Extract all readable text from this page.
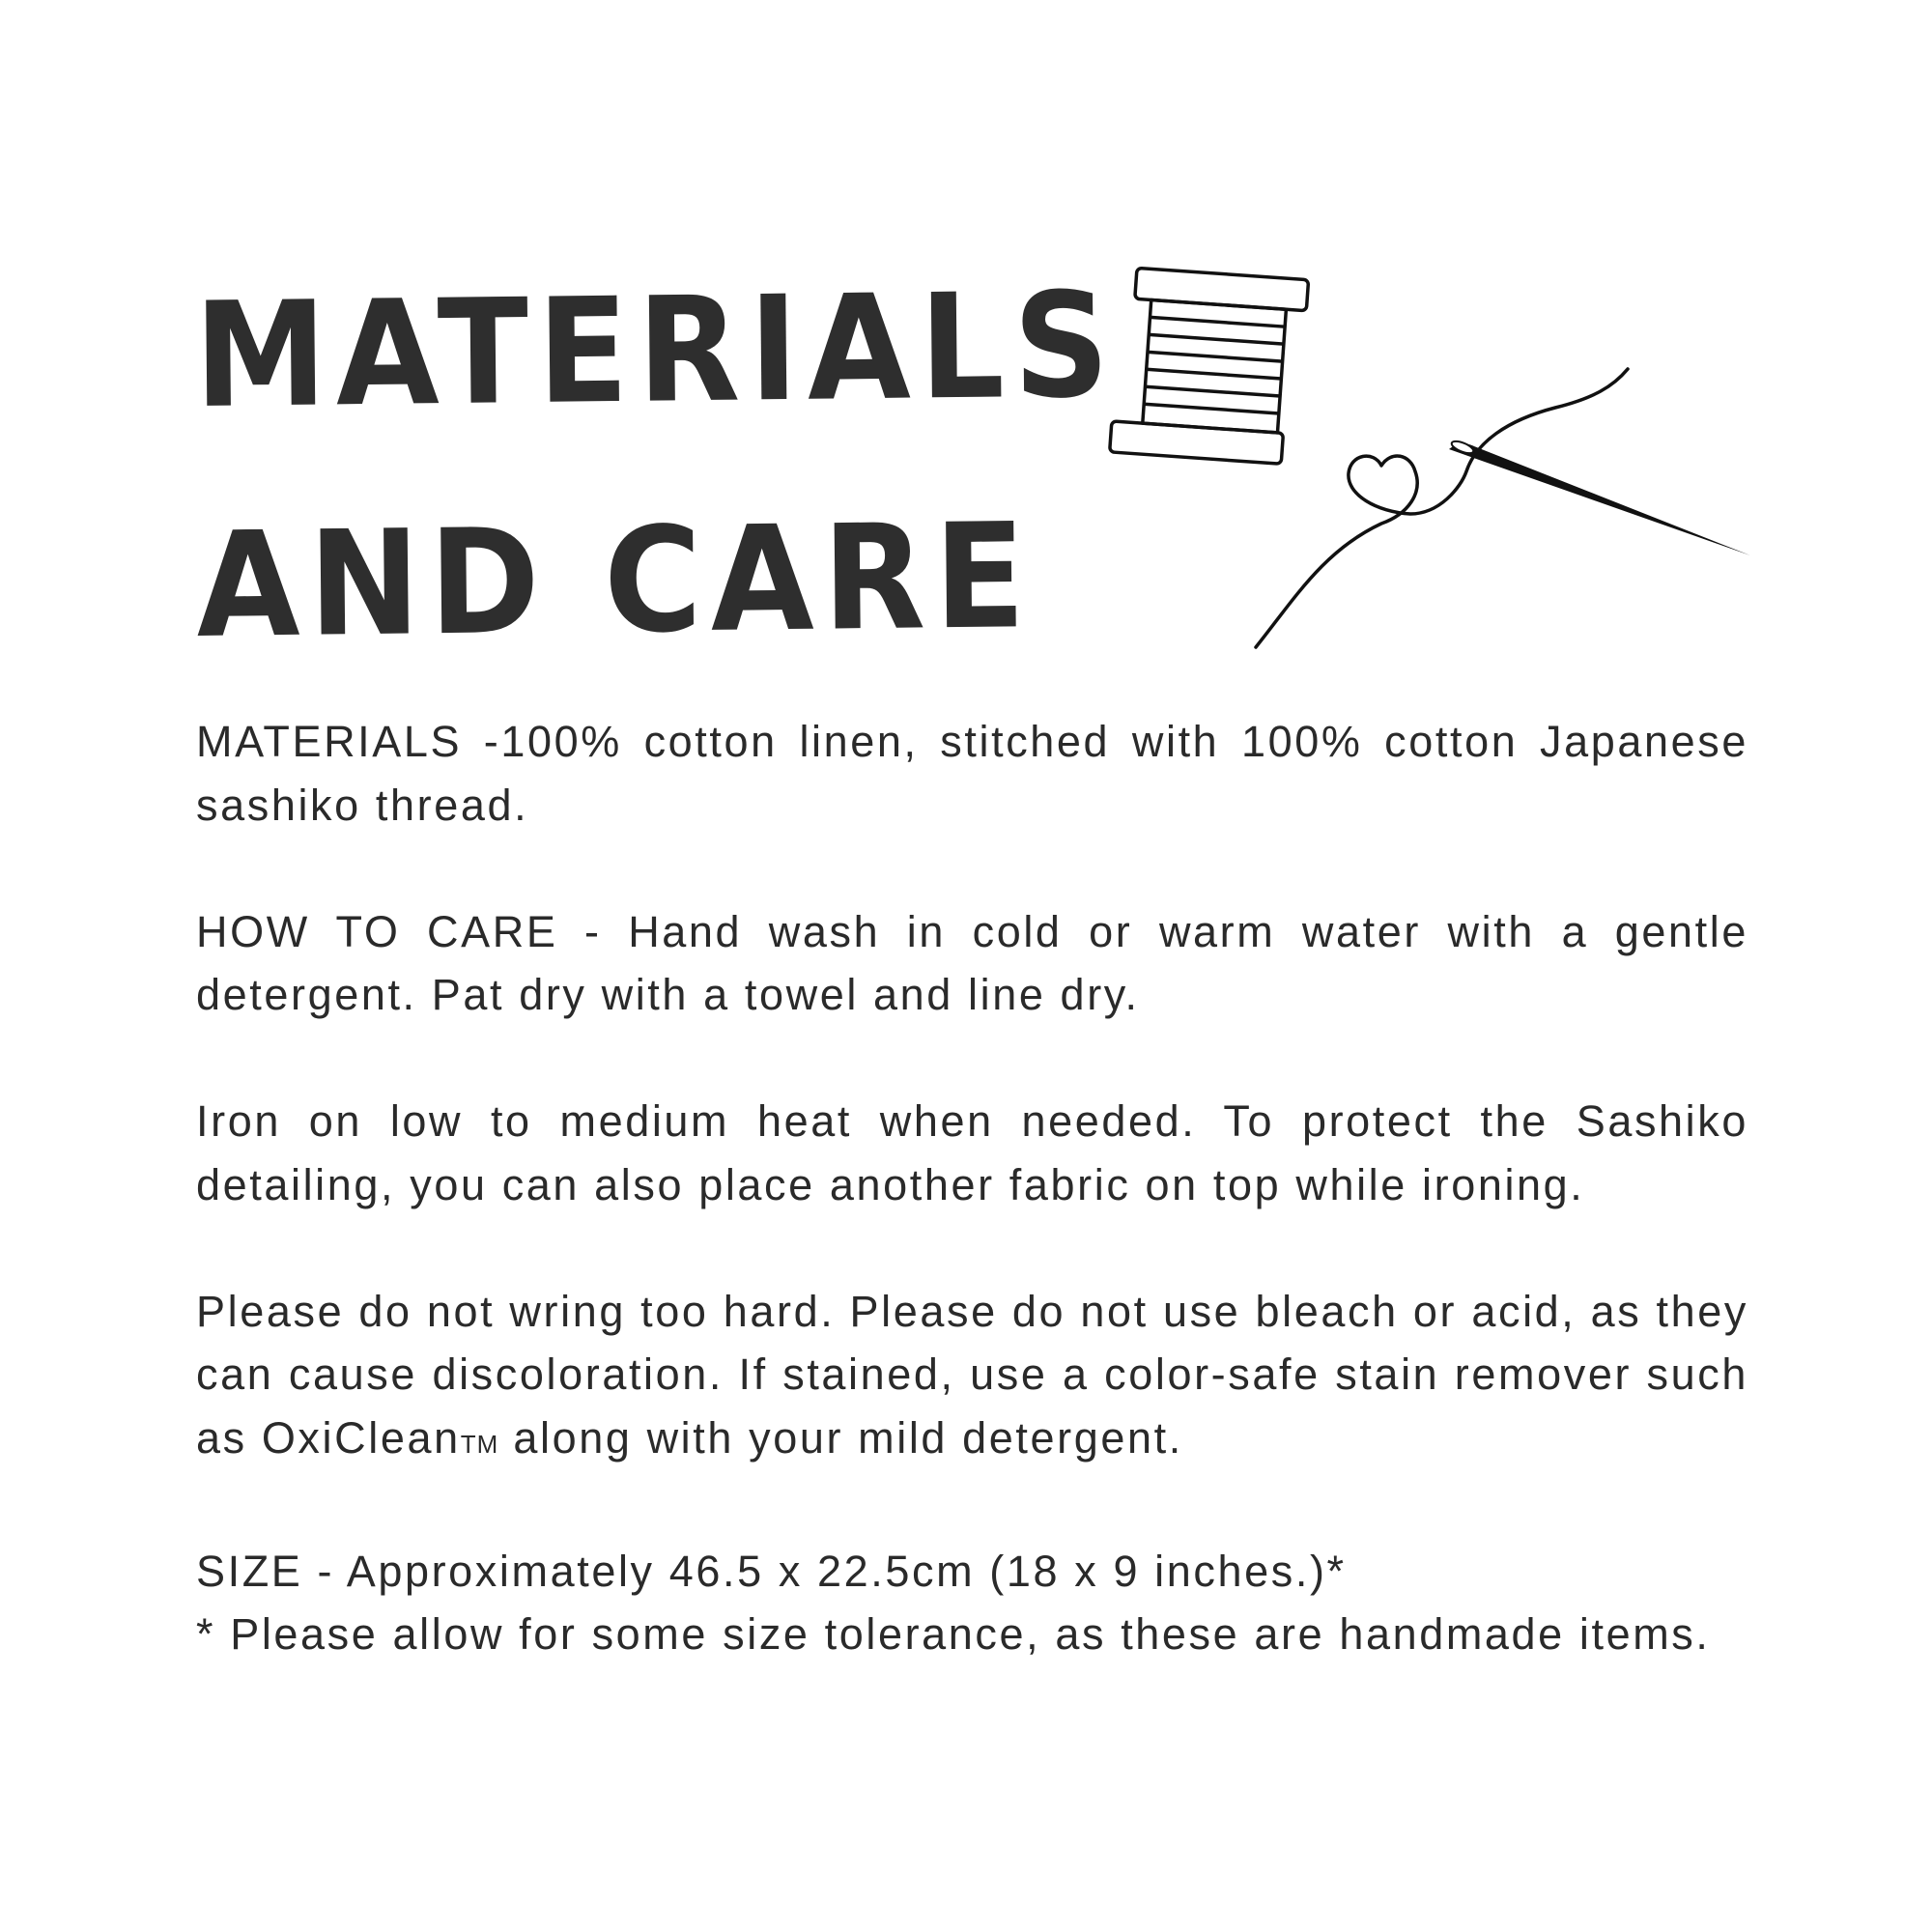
MATERIALS
AND CARE

MATERIALS -100% cotton linen, stitched with 100% cotton Japanese sashiko thread.

HOW TO CARE - Hand wash in cold or warm water with a gentle detergent. Pat dry with a towel and line dry.

Iron on low to medium heat when needed. To protect the Sashiko detailing, you can also place another fabric on top while ironing.

Please do not wring too hard. Please do not use bleach or acid, as they can cause discoloration. If stained, use a color-safe stain remover such as OxiCleanTM along with your mild detergent.

SIZE - Approximately 46.5 x 22.5cm (18 x 9 inches.)*
* Please allow for some size tolerance, as these are handmade items.
